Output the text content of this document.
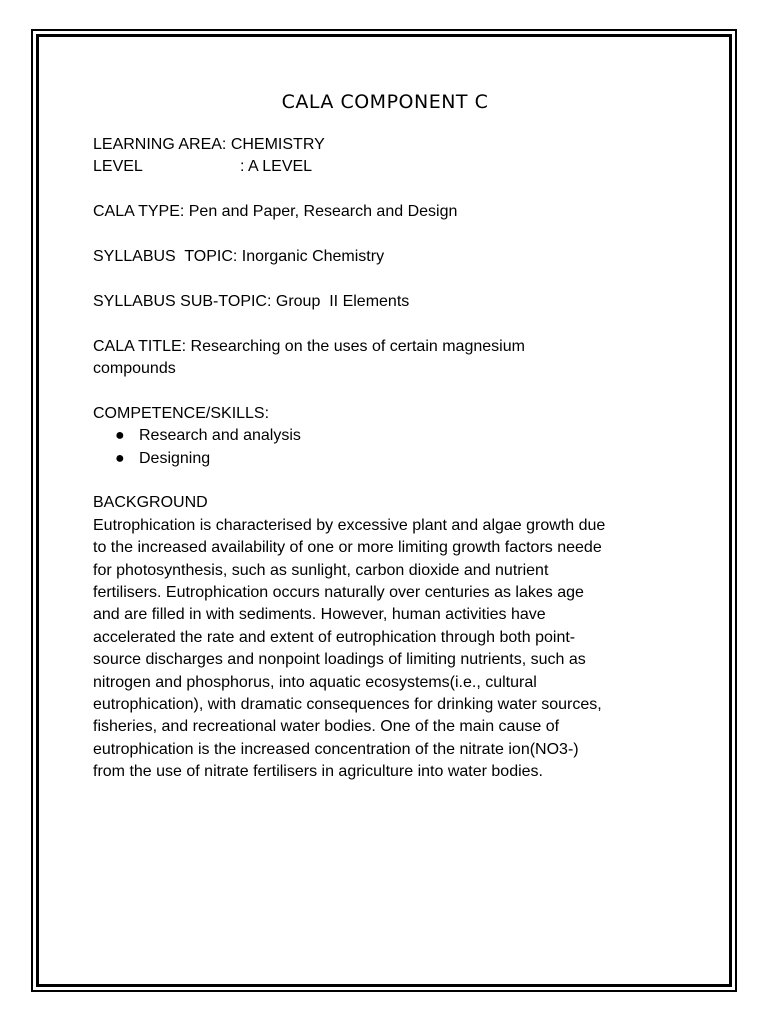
CALA COMPONENT C
LEARNING AREA: CHEMISTRY
LEVEL	: A LEVEL
CALA TYPE: Pen and Paper, Research and Design
SYLLABUS  TOPIC: Inorganic Chemistry
SYLLABUS SUB-TOPIC: Group  II Elements
CALA TITLE: Researching on the uses of certain magnesium
compounds
COMPETENCE/SKILLS:
● Research and analysis
● Designing
BACKGROUND
Eutrophication is characterised by excessive plant and algae growth due
to the increased availability of one or more limiting growth factors neede
for photosynthesis, such as sunlight, carbon dioxide and nutrient
fertilisers. Eutrophication occurs naturally over centuries as lakes age
and are filled in with sediments. However, human activities have
accelerated the rate and extent of eutrophication through both point-
source discharges and nonpoint loadings of limiting nutrients, such as
nitrogen and phosphorus, into aquatic ecosystems(i.e., cultural
eutrophication), with dramatic consequences for drinking water sources,
fisheries, and recreational water bodies. One of the main cause of
eutrophication is the increased concentration of the nitrate ion(NO3-)
from the use of nitrate fertilisers in agriculture into water bodies.
